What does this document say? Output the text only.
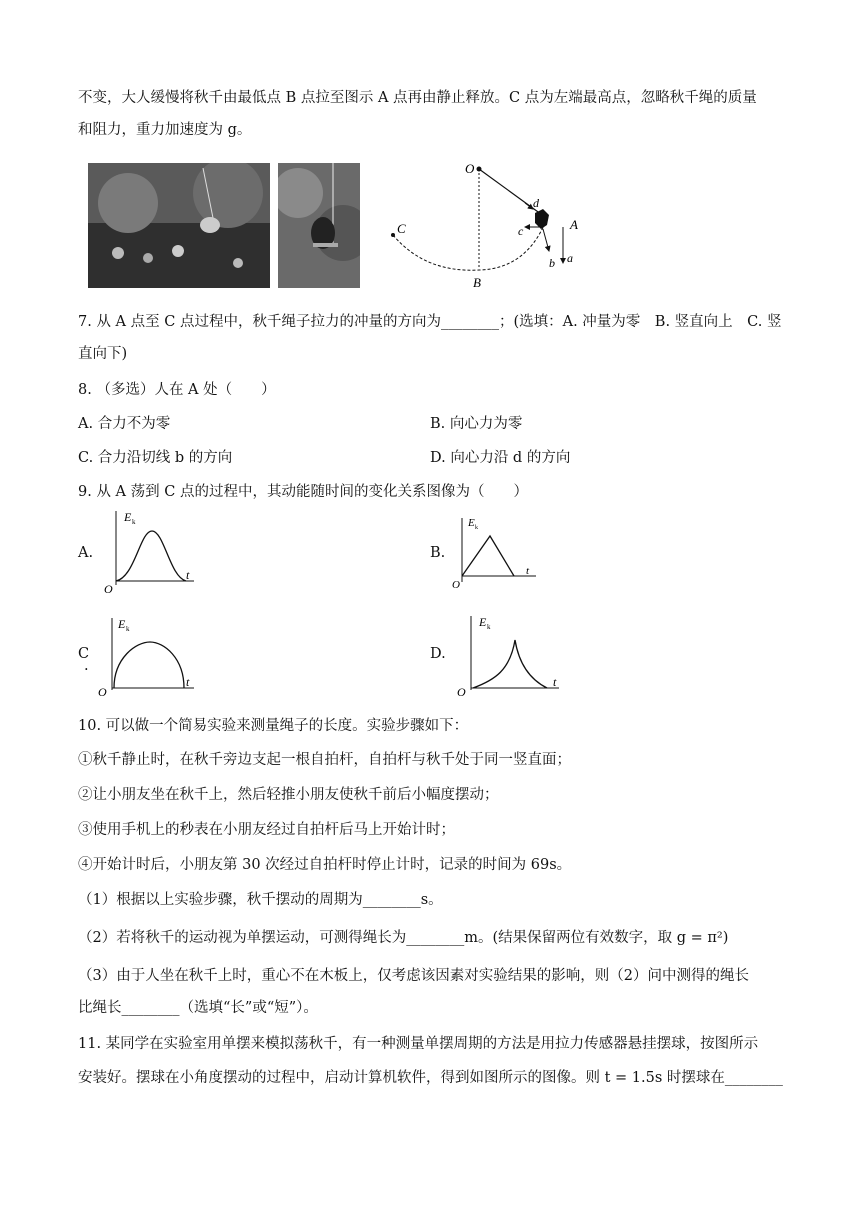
不变，大人缓慢将秋千由最低点 B 点拉至图示 A 点再由静止释放。C 点为左端最高点，忽略秋千绳的质量
和阻力，重力加速度为 g。
O
A
B
C
a
b
c
d
7. 从 A 点至 C 点过程中，秋千绳子拉力的冲量的方向为________；(选填：A. 冲量为零　B. 竖直向上　C. 竖
直向下)
8. （多选）人在 A 处（　　）
A. 合力不为零	B. 向心力为零
C. 合力沿切线 b 的方向	D. 向心力沿 d 的方向
9. 从 A 荡到 C 点的过程中，其动能随时间的变化关系图像为（　　）
A.
E k
t
O
B.
E k
t
O
C
.
E k
t
O
D.
E k
t
O
10. 可以做一个简易实验来测量绳子的长度。实验步骤如下：
①秋千静止时，在秋千旁边支起一根自拍杆，自拍杆与秋千处于同一竖直面；
②让小朋友坐在秋千上，然后轻推小朋友使秋千前后小幅度摆动；
③使用手机上的秒表在小朋友经过自拍杆后马上开始计时；
④开始计时后，小朋友第 30 次经过自拍杆时停止计时，记录的时间为 69s。
（1）根据以上实验步骤，秋千摆动的周期为________s。
（2）若将秋千的运动视为单摆运动，可测得绳长为________m。(结果保留两位有效数字，取 g = π²)
（3）由于人坐在秋千上时，重心不在木板上，仅考虑该因素对实验结果的影响，则（2）问中测得的绳长
比绳长________（选填“长”或“短”）。
11. 某同学在实验室用单摆来模拟荡秋千，有一种测量单摆周期的方法是用拉力传感器悬挂摆球，按图所示
安装好。摆球在小角度摆动的过程中，启动计算机软件，得到如图所示的图像。则 t = 1.5s 时摆球在________
